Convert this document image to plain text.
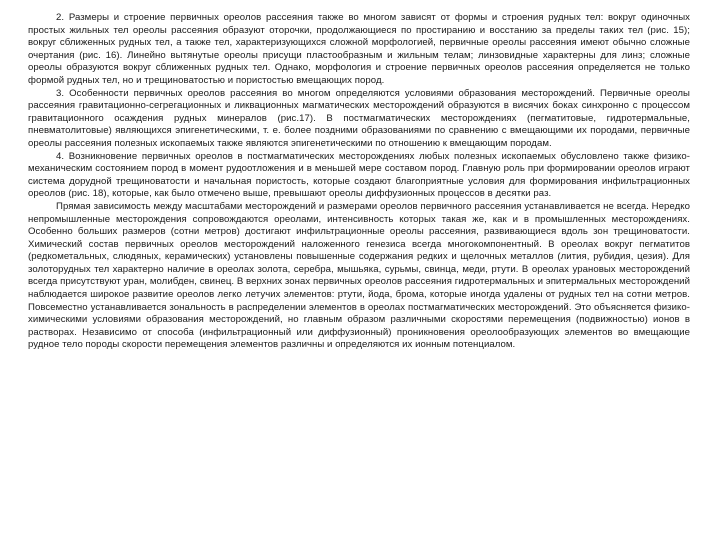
2. Размеры и строение первичных ореолов рассеяния также во многом зависят от формы и строения рудных тел: вокруг одиночных простых жильных тел ореолы рассеяния образуют оторочки, продолжающиеся по простиранию и восстанию за пределы таких тел (рис. 15); вокруг сближенных рудных тел, а также тел, характеризующихся сложной морфологией, первичные ореолы рассеяния имеют обычно сложные очертания (рис. 16). Линейно вытянутые ореолы присущи пластообразным и жильным телам; линзовидные характерны для линз; сложные ореолы образуются вокруг сближенных рудных тел. Однако, морфология и строение первичных ореолов рассеяния определяется не только формой рудных тел, но и трещиноватостью и пористостью вмещающих пород.

3. Особенности первичных ореолов рассеяния во многом определяются условиями образования месторождений. Первичные ореолы рассеяния гравитационно-сегрегационных и ликвационных магматических месторождений образуются в висячих боках синхронно с процессом гравитационного осаждения рудных минералов (рис.17). В постмагматических месторождениях (пегматитовые, гидротермальные, пневматолитовые) являющихся эпигенетическими, т. е. более поздними образованиями по сравнению с вмещающими их породами, первичные ореолы рассеяния полезных ископаемых также являются эпигенетическими по отношению к вмещающим породам.

4. Возникновение первичных ореолов в постмагматических месторождениях любых полезных ископаемых обусловлено также физико-механическим состоянием пород в момент рудоотложения и в меньшей мере составом пород. Главную роль при формировании ореолов играют система дорудной трещиноватости и начальная пористость, которые создают благоприятные условия для формирования инфильтрационных ореолов (рис. 18), которые, как было отмечено выше, превышают ореолы диффузионных процессов в десятки раз.

Прямая зависимость между масштабами месторождений и размерами ореолов первичного рассеяния устанавливается не всегда. Нередко непромышленные месторождения сопровождаются ореолами, интенсивность которых такая же, как и в промышленных месторождениях. Особенно больших размеров (сотни метров) достигают инфильтрационные ореолы рассеяния, развивающиеся вдоль зон трещиноватости. Химический состав первичных ореолов месторождений наложенного генезиса всегда многокомпонентный. В ореолах вокруг пегматитов (редкометальных, слюдяных, керамических) установлены повышенные содержания редких и щелочных металлов (лития, рубидия, цезия). Для золоторудных тел характерно наличие в ореолах золота, серебра, мышьяка, сурьмы, свинца, меди, ртути. В ореолах урановых месторождений всегда присутствуют уран, молибден, свинец. В верхних зонах первичных ореолов рассеяния гидротермальных и эпитермальных месторождений наблюдается широкое развитие ореолов легко летучих элементов: ртути, йода, брома, которые иногда удалены от рудных тел на сотни метров. Повсеместно устанавливается зональность в распределении элементов в ореолах постмагматических месторождений. Это объясняется физико-химическими условиями образования месторождений, но главным образом различными скоростями перемещения (подвижностью) ионов в растворах. Независимо от способа (инфильтрационный или диффузионный) проникновения ореолообразующих элементов во вмещающие рудное тело породы скорости перемещения элементов различны и определяются их ионным потенциалом.
